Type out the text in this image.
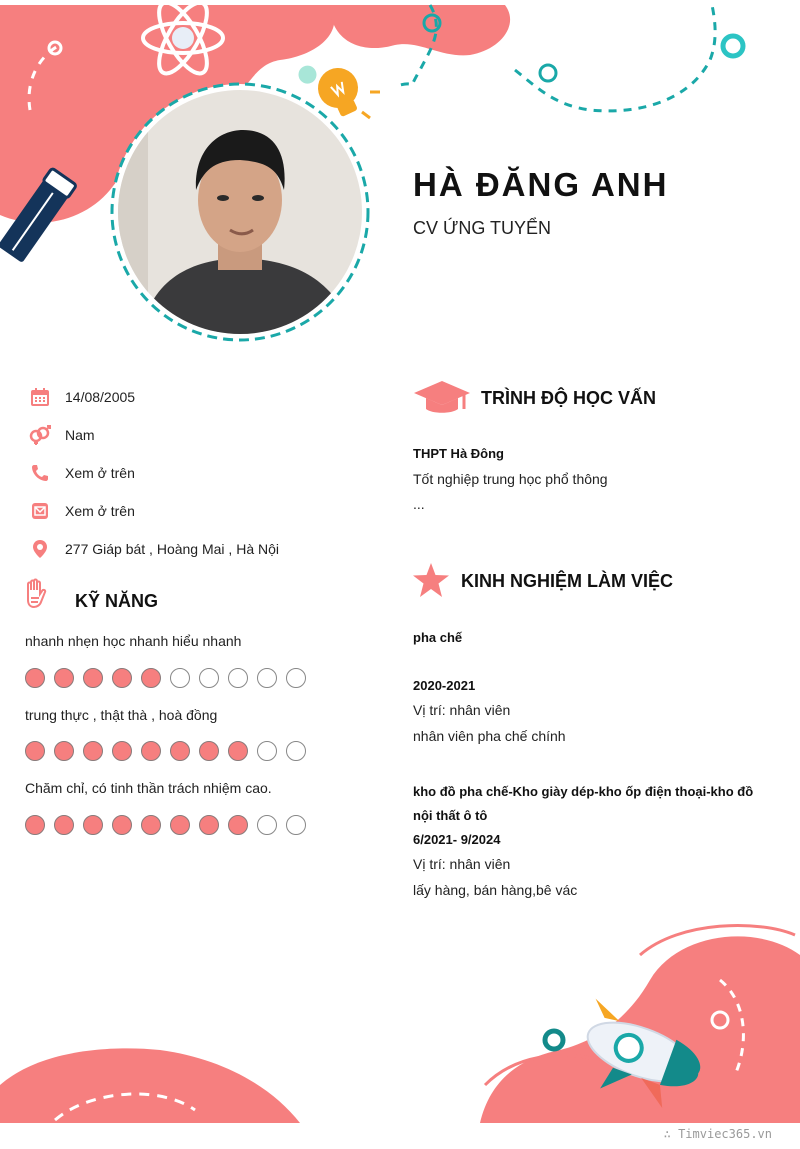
HÀ ĐĂNG ANH
CV ỨNG TUYỂN
14/08/2005
Nam
Xem ở trên
Xem ở trên
277 Giáp bát , Hoàng Mai , Hà Nội
KỸ NĂNG
nhanh nhẹn học nhanh hiểu nhanh
trung thực , thật thà , hoà đồng
Chăm chỉ, có tinh thần trách nhiệm cao.
TRÌNH ĐỘ HỌC VẤN
THPT Hà Đông
Tốt nghiệp trung học phổ thông
...
KINH NGHIỆM LÀM VIỆC
pha chế
2020-2021
Vị trí: nhân viên
nhân viên pha chế chính
kho đồ pha chế-Kho giày dép-kho ốp điện thoại-kho đồ
nội thất ô tô
6/2021- 9/2024
Vị trí: nhân viên
lấy hàng, bán hàng,bê vác
∴ Timviec365.vn
